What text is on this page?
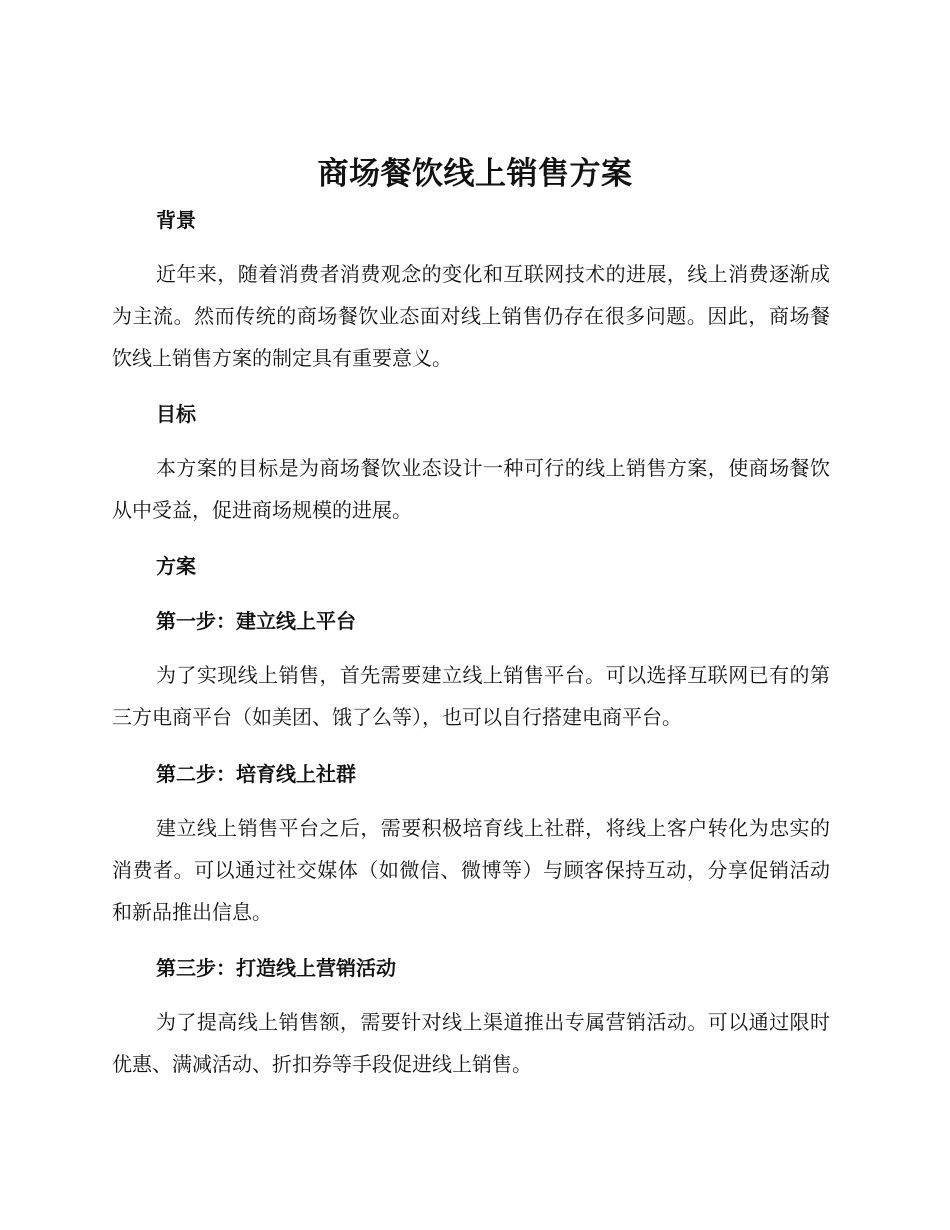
商场餐饮线上销售方案
背景

近年来，随着消费者消费观念的变化和互联网技术的进展，线上消费逐渐成为主流。然而传统的商场餐饮业态面对线上销售仍存在很多问题。因此，商场餐饮线上销售方案的制定具有重要意义。

目标

本方案的目标是为商场餐饮业态设计一种可行的线上销售方案，使商场餐饮从中受益，促进商场规模的进展。

方案
第一步：建立线上平台

为了实现线上销售，首先需要建立线上销售平台。可以选择互联网已有的第三方电商平台（如美团、饿了么等），也可以自行搭建电商平台。

第二步：培育线上社群

建立线上销售平台之后，需要积极培育线上社群，将线上客户转化为忠实的消费者。可以通过社交媒体（如微信、微博等）与顾客保持互动，分享促销活动和新品推出信息。

第三步：打造线上营销活动

为了提高线上销售额，需要针对线上渠道推出专属营销活动。可以通过限时优惠、满减活动、折扣券等手段促进线上销售。
